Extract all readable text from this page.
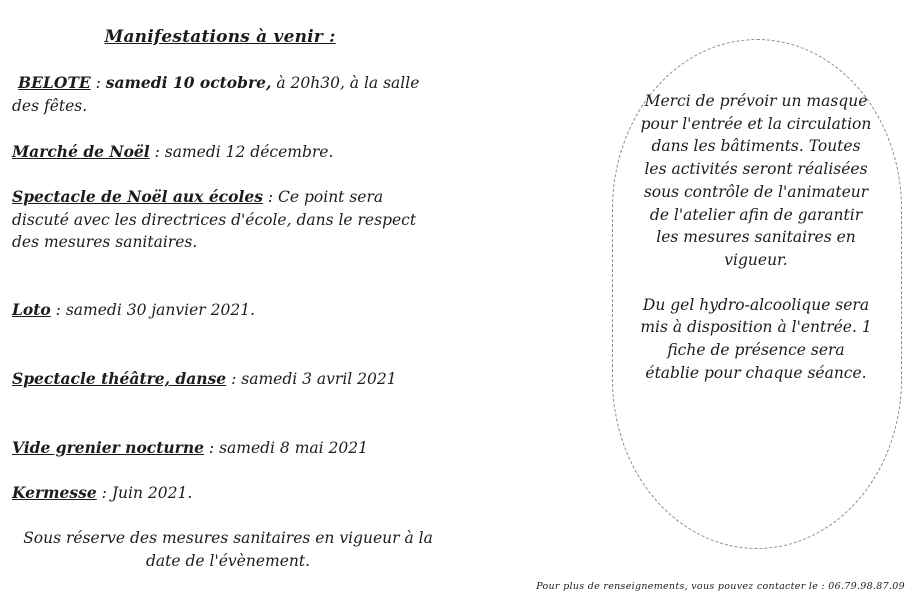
Manifestations à venir :
BELOTE : samedi 10 octobre, à 20h30, à la salle des fêtes.
Marché de Noël : samedi 12 décembre.
Spectacle de Noël aux écoles : Ce point sera discuté avec les directrices d'école, dans le respect des mesures sanitaires.
Loto : samedi 30 janvier 2021.
Spectacle théâtre, danse : samedi 3 avril 2021
Vide grenier nocturne : samedi 8 mai 2021
Kermesse : Juin 2021.
Sous réserve des mesures sanitaires en vigueur à la date de l'évènement.
Merci de prévoir un masque pour l'entrée et la circulation dans les bâtiments. Toutes les activités seront réalisées sous contrôle de l'animateur de l'atelier afin de garantir les mesures sanitaires en vigueur.
Du gel hydro-alcoolique sera mis à disposition à l'entrée. 1 fiche de présence sera établie pour chaque séance.
Pour plus de renseignements, vous pouvez contacter le : 06.79.98.87.09
